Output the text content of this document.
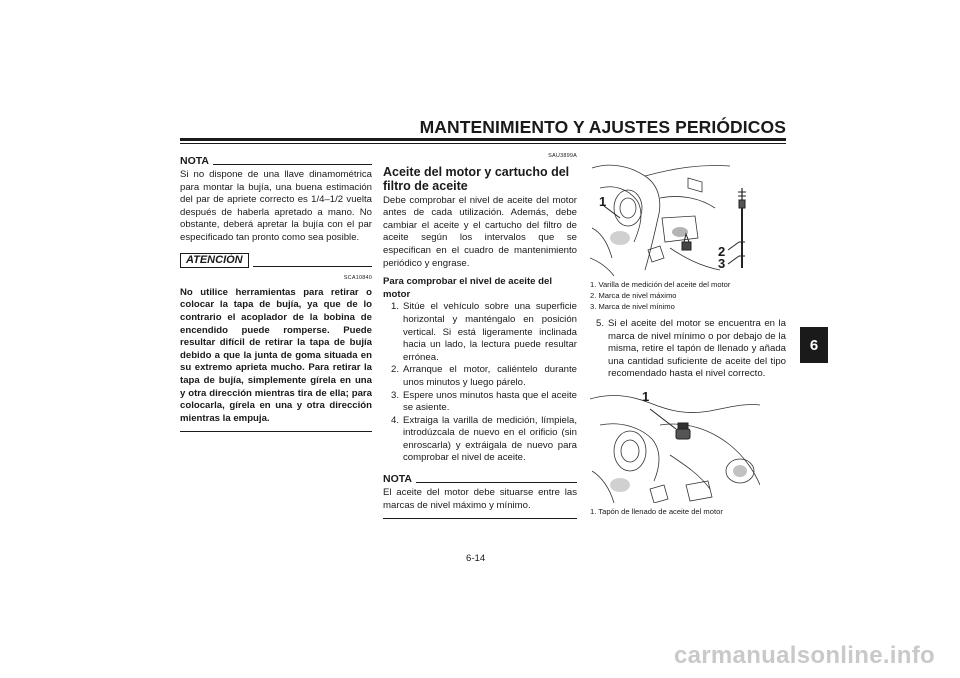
MANTENIMIENTO Y AJUSTES PERIÓDICOS
6
NOTA

Si no dispone de una llave dinamométrica para montar la bujía, una buena estimación del par de apriete correcto es 1/4–1/2 vuelta después de haberla apretado a mano. No obstante, deberá apretar la bujía con el par especificado tan pronto como sea posible.

ATENCIÓN
SCA10840

No utilice herramientas para retirar o colocar la tapa de bujía, ya que de lo contrario el acoplador de la bobina de encendido puede romperse. Puede resultar difícil de retirar la tapa de bujía debido a que la junta de goma situada en su extremo aprieta mucho. Para retirar la tapa de bujía, simplemente gírela en una y otra dirección mientras tira de ella; para colocarla, gírela en una y otra dirección mientras la empuja.

SAU3899A
Aceite del motor y cartucho del filtro de aceite

Debe comprobar el nivel de aceite del motor antes de cada utilización. Además, debe cambiar el aceite y el cartucho del filtro de aceite según los intervalos que se especifican en el cuadro de mantenimiento periódico y engrase.

Para comprobar el nivel de aceite del motor

1. Sitúe el vehículo sobre una superficie horizontal y manténgalo en posición vertical. Si está ligeramente inclinada hacia un lado, la lectura puede resultar errónea.
2. Arranque el motor, caliéntelo durante unos minutos y luego párelo.
3. Espere unos minutos hasta que el aceite se asiente.
4. Extraiga la varilla de medición, límpiela, introdúzcala de nuevo en el orificio (sin enroscarla) y extráigala de nuevo para comprobar el nivel de aceite.
NOTA

El aceite del motor debe situarse entre las marcas de nivel máximo y mínimo.

1
2
3
1. Varilla de medición del aceite del motor
2. Marca de nivel máximo
3. Marca de nivel mínimo
5. Si el aceite del motor se encuentra en la marca de nivel mínimo o por debajo de la misma, retire el tapón de llenado y añada una cantidad suficiente de aceite del tipo recomendado hasta el nivel correcto.
1
1. Tapón de llenado de aceite del motor
6-14
carmanualsonline.info
